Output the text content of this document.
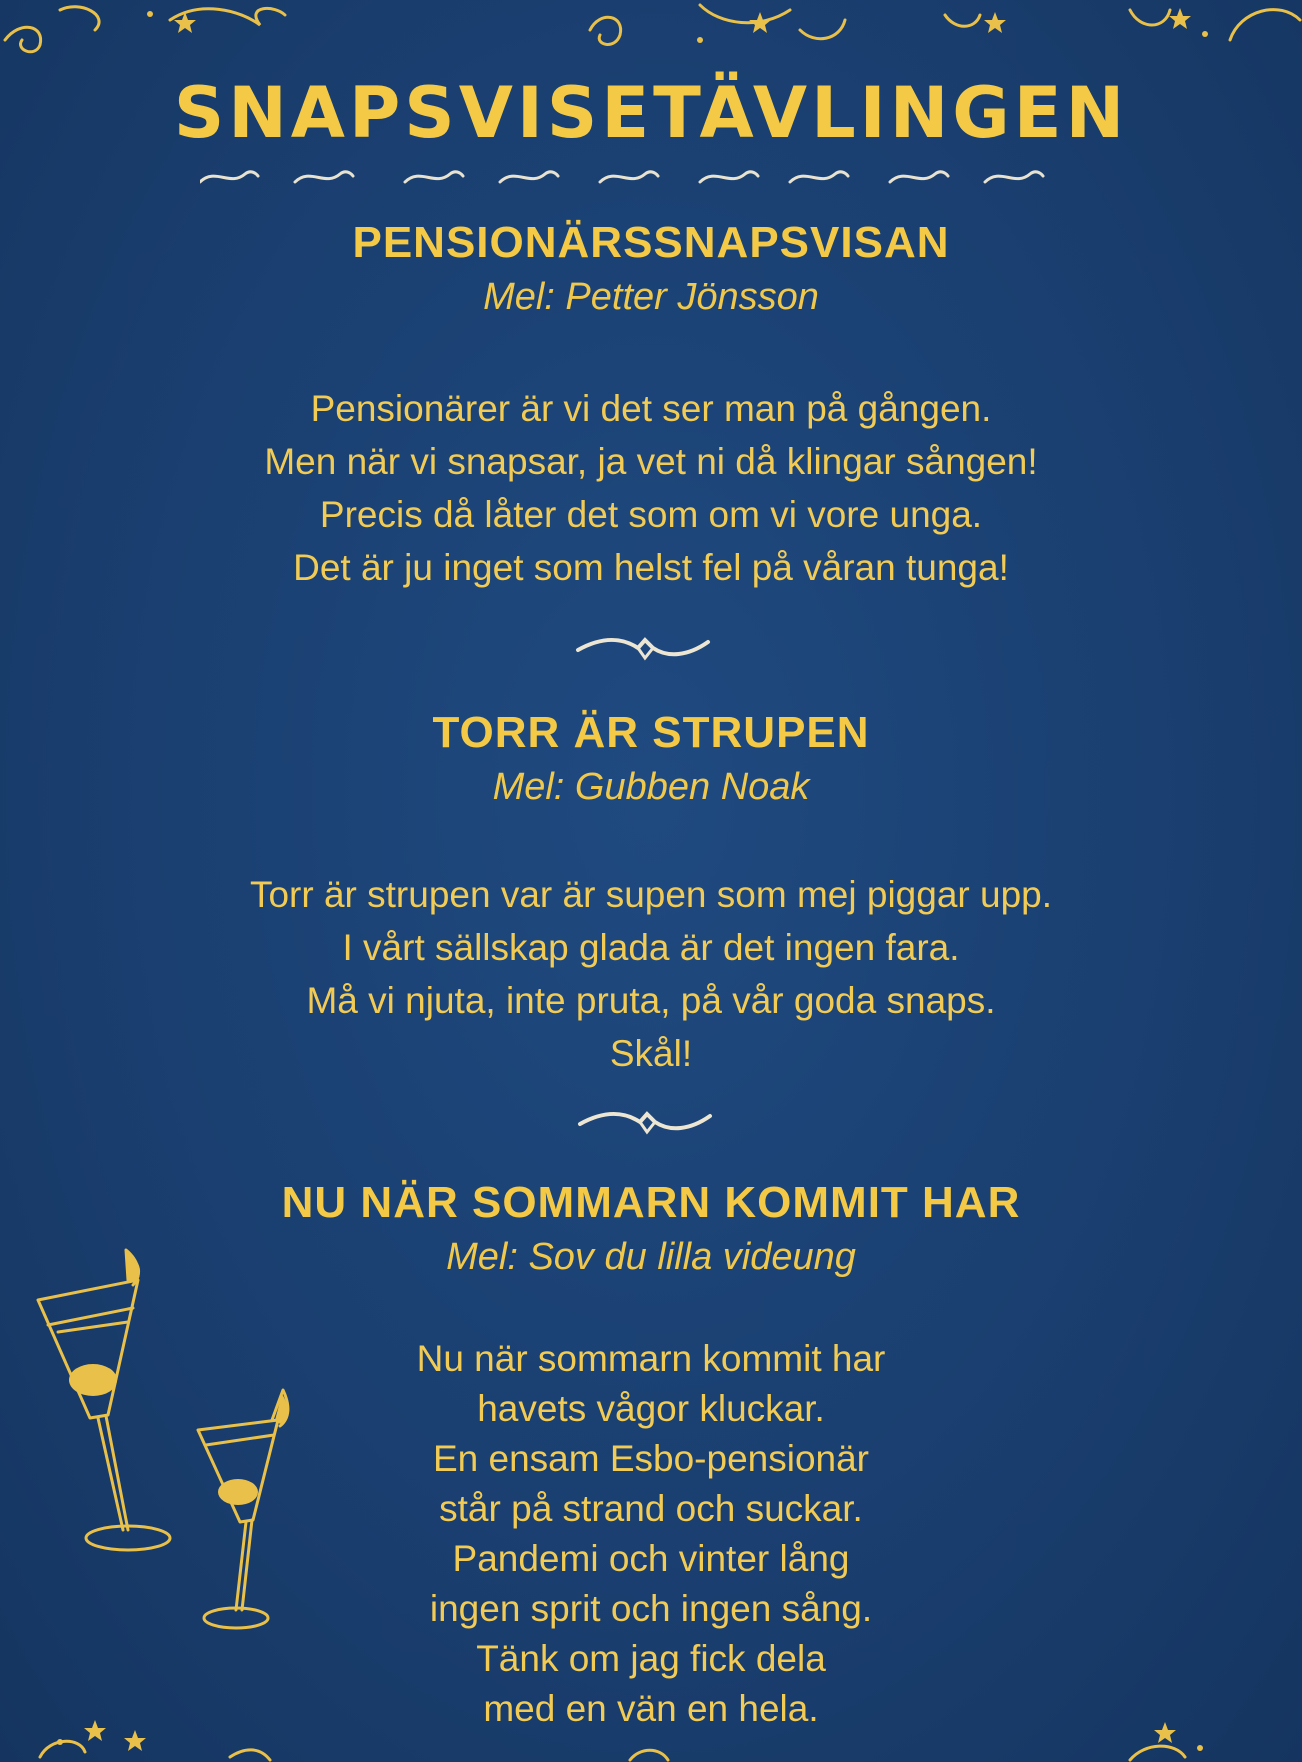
SNAPSVISETÄVLINGEN
PENSIONÄRSSNAPSVISAN
Mel: Petter Jönsson
Pensionärer är vi det ser man på gången.
Men när vi snapsar, ja vet ni då klingar sången!
Precis då låter det som om vi vore unga.
Det är ju inget som helst fel på våran tunga!
TORR ÄR STRUPEN
Mel: Gubben Noak
Torr är strupen var är supen som mej piggar upp.
I vårt sällskap glada är det ingen fara.
Må vi njuta, inte pruta, på vår goda snaps.
Skål!
NU NÄR SOMMARN KOMMIT HAR
Mel: Sov du lilla videung
Nu när sommarn kommit har
havets vågor kluckar.
En ensam Esbo-pensionär
står på strand och suckar.
Pandemi och vinter lång
ingen sprit och ingen sång.
Tänk om jag fick dela
med en vän en hela.
